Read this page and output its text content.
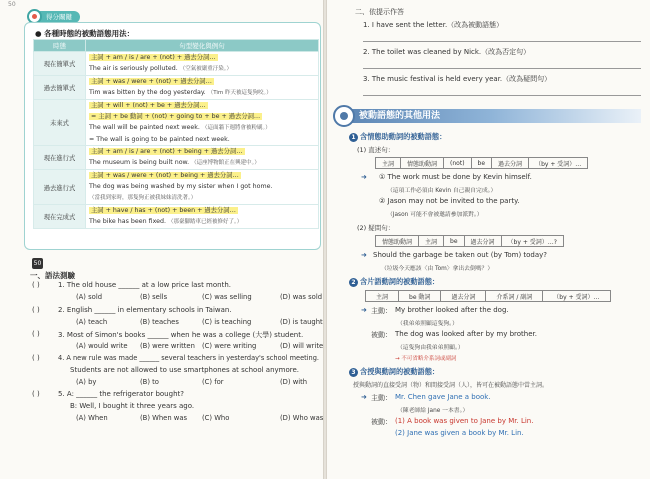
50
得分關鍵
● 各種時態的被動語態用法：
時態	句型變化與例句
現在簡單式	主詞 + am / is / are + (not) + 過去分詞…
The air is seriously polluted. （空氣被嚴重汙染。）

過去簡單式	主詞 + was / were + (not) + 過去分詞…
Tim was bitten by the dog yesterday. （Tim 昨天被這隻狗咬。）

未來式	主詞 + will + (not) + be + 過去分詞…
= 主詞 + be 動詞 + (not) + going to + be + 過去分詞…
The wall will be painted next week. （這面牆下週將會被粉刷。）
= The wall is going to be painted next week.

現在進行式	主詞 + am / is / are + (not) + being + 過去分詞…
The museum is being built now. （這座博物館正在興建中。）

過去進行式	主詞 + was / were + (not) + being + 過去分詞…
The dog was being washed by my sister when I got home.
（當我到家時，那隻狗正被我妹妹清洗著。）

現在完成式	主詞 + have / has + (not) + been + 過去分詞…
The bike has been fixed. （那臺腳踏車已經被修好了。）
50
一、語法測驗
( )	1. The old house ______ at a low price last month.
(A) sold	(B) sells	(C) was selling	(D) was sold
( )	2. English ______ in elementary schools in Taiwan.
(A) teach	(B) teaches	(C) is teaching	(D) is taught
( )	3. Most of Simon's books ______ when he was a college (大學) student.
(A) would write (B) were written (C) were writing	(D) will write
( )	4. A new rule was made ______ several teachers in yesterday's school meeting.
Students are not allowed to use smartphones at school anymore.
(A) by	(B) to	(C) for	(D) with
( )	5. A: ______ the refrigerator bought?
B: Well, I bought it three years ago.
(A) When	(B) When was (C) Who	(D) Who was
二、依提示作答
1. I have sent the letter.（改為被動語態）
2. The toilet was cleaned by Nick.（改為否定句）
3. The music festival is held every year.（改為疑問句）
被動語態的其他用法
1 含情態助動詞的被動語態：
(1) 直述句：
主詞	情態助動詞	(not)	be	過去分詞	（by + 受詞）…
➜ ① The work must be done by Kevin himself.
（這項工作必須由 Kevin 自己親自完成。）
② Jason may not be invited to the party.
（Jason 可能不會被邀請參加派對。）
(2) 疑問句：
情態助動詞	主詞	be	過去分詞	（by + 受詞）…?
➜ Should the garbage be taken out (by Tom) today?
（垃圾今天應該〈由 Tom〉拿出去倒嗎？）
2 含片語動詞的被動語態：
主詞	be 動詞	過去分詞	介系詞 / 副詞	（by + 受詞）…
➜ 主動： My brother looked after the dog.
（我弟弟照顧這隻狗。）
被動： The dog was looked after by my brother.
（這隻狗由我弟弟照顧。）
→ 不可省略介系詞或副詞
3 含授與動詞的被動語態：
授與動詞的直接受詞（物）和間接受詞（人），皆可在被動語態中當主詞。
➜ 主動： Mr. Chen gave Jane a book.
（陳老師給 Jane 一本書。）
被動： (1) A book was given to Jane by Mr. Lin.
(2) Jane was given a book by Mr. Lin.
